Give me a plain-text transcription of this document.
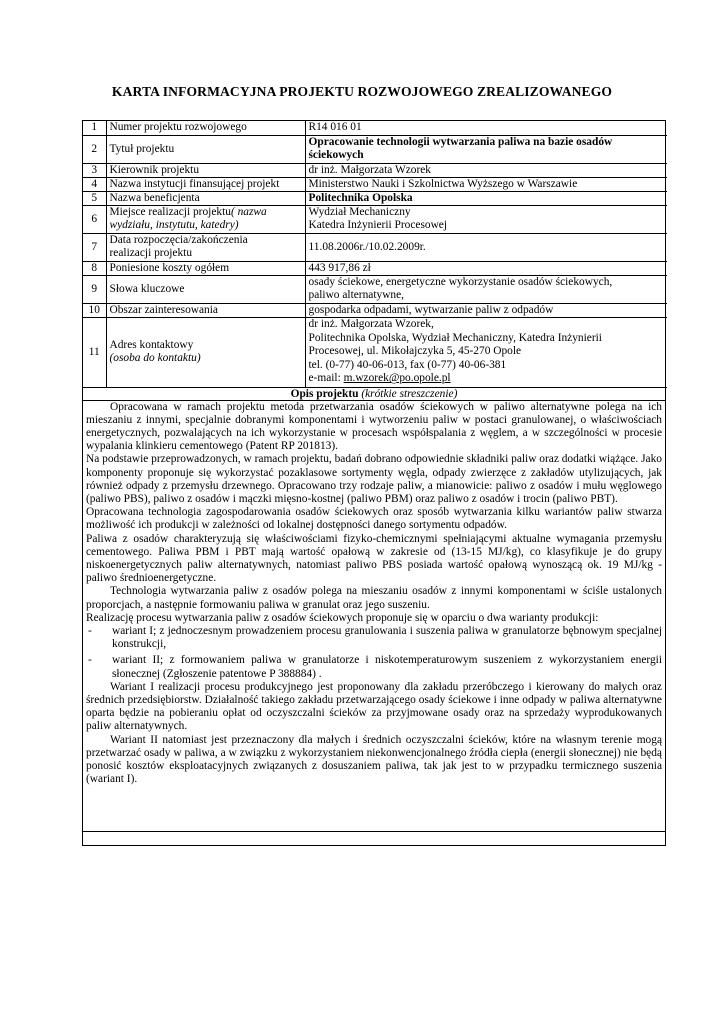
KARTA INFORMACYJNA PROJEKTU ROZWOJOWEGO ZREALIZOWANEGO
1	Numer projektu rozwojowego	R14 016 01
2	Tytuł projektu	Opracowanie technologii wytwarzania paliwa na bazie osadów
ściekowych

3	Kierownik projektu	dr inż. Małgorzata Wzorek
4	Nazwa instytucji finansującej projekt	Ministerstwo Nauki i Szkolnictwa Wyższego w Warszawie
5	Nazwa beneficjenta	Politechnika Opolska
6	Miejsce realizacji projektu( nazwa
wydziału, instytutu, katedry)	Wydział Mechaniczny
Katedra Inżynierii Procesowej

7	Data rozpoczęcia/zakończenia
realizacji projektu	11.08.2006r./10.02.2009r.
8	Poniesione koszty ogółem	443 917,86 zł
9	Słowa kluczowe	osady ściekowe, energetyczne wykorzystanie osadów ściekowych,
paliwo alternatywne,

10	Obszar zainteresowania	gospodarka odpadami, wytwarzanie paliw z odpadów
11	Adres kontaktowy
(osoba do kontaktu)	dr inż. Małgorzata Wzorek,
Politechnika Opolska, Wydział Mechaniczny, Katedra Inżynierii
Procesowej, ul. Mikołajczyka 5, 45-270 Opole
tel. (0-77) 40-06-013, fax (0-77) 40-06-381
e-mail: m.wzorek@po.opole.pl
Opis projektu (krótkie streszczenie)

Opracowana w ramach projektu metoda przetwarzania osadów ściekowych w paliwo alternatywne polega na ich mieszaniu z innymi, specjalnie dobranymi komponentami i wytworzeniu paliw w postaci granulowanej, o właściwościach energetycznych, pozwalających na ich wykorzystanie w procesach współspalania z węglem, a w szczególności w procesie wypalania klinkieru cementowego (Patent RP 201813).

Na podstawie przeprowadzonych, w ramach projektu, badań dobrano odpowiednie składniki paliw oraz dodatki wiążące. Jako komponenty proponuje się wykorzystać pozaklasowe sortymenty węgla, odpady zwierzęce z zakładów utylizujących, jak również odpady z przemysłu drzewnego. Opracowano trzy rodzaje paliw, a mianowicie: paliwo z osadów i mułu węglowego (paliwo PBS), paliwo z osadów i mączki mięsno-kostnej (paliwo PBM) oraz paliwo z osadów i trocin (paliwo PBT).

Opracowana technologia zagospodarowania osadów ściekowych oraz sposób wytwarzania kilku wariantów paliw stwarza możliwość ich produkcji w zależności od lokalnej dostępności danego sortymentu odpadów.

Paliwa z osadów charakteryzują się właściwościami fizyko-chemicznymi spełniającymi aktualne wymagania przemysłu cementowego. Paliwa PBM i PBT mają wartość opałową w zakresie od (13-15 MJ/kg), co klasyfikuje je do grupy niskoenergetycznych paliw alternatywnych, natomiast paliwo PBS posiada wartość opałową wynoszącą ok. 19 MJ/kg - paliwo średnioenergetyczne.

Technologia wytwarzania paliw z osadów polega na mieszaniu osadów z innymi komponentami w ściśle ustalonych proporcjach, a następnie formowaniu paliwa w granulat oraz jego suszeniu.

Realizację procesu wytwarzania paliw z osadów ściekowych proponuje się w oparciu o dwa warianty produkcji:

-	wariant I; z jednoczesnym prowadzeniem procesu granulowania i suszenia paliwa w granulatorze bębnowym specjalnej konstrukcji,
-	wariant II; z formowaniem paliwa w granulatorze i niskotemperaturowym suszeniem z wykorzystaniem energii słonecznej (Zgłoszenie patentowe P 388884) .

Wariant I realizacji procesu produkcyjnego jest proponowany dla zakładu przeróbczego i kierowany do małych oraz średnich przedsiębiorstw. Działalność takiego zakładu przetwarzającego osady ściekowe i inne odpady w paliwa alternatywne oparta będzie na pobieraniu opłat od oczyszczalni ścieków za przyjmowane osady oraz na sprzedaży wyprodukowanych paliw alternatywnych.

Wariant II natomiast jest przeznaczony dla małych i średnich oczyszczalni ścieków, które na własnym terenie mogą przetwarzać osady w paliwa, a w związku z wykorzystaniem niekonwencjonalnego źródła ciepła (energii słonecznej) nie będą ponosić kosztów eksploatacyjnych związanych z dosuszaniem paliwa, tak jak jest to w przypadku termicznego suszenia (wariant I).
